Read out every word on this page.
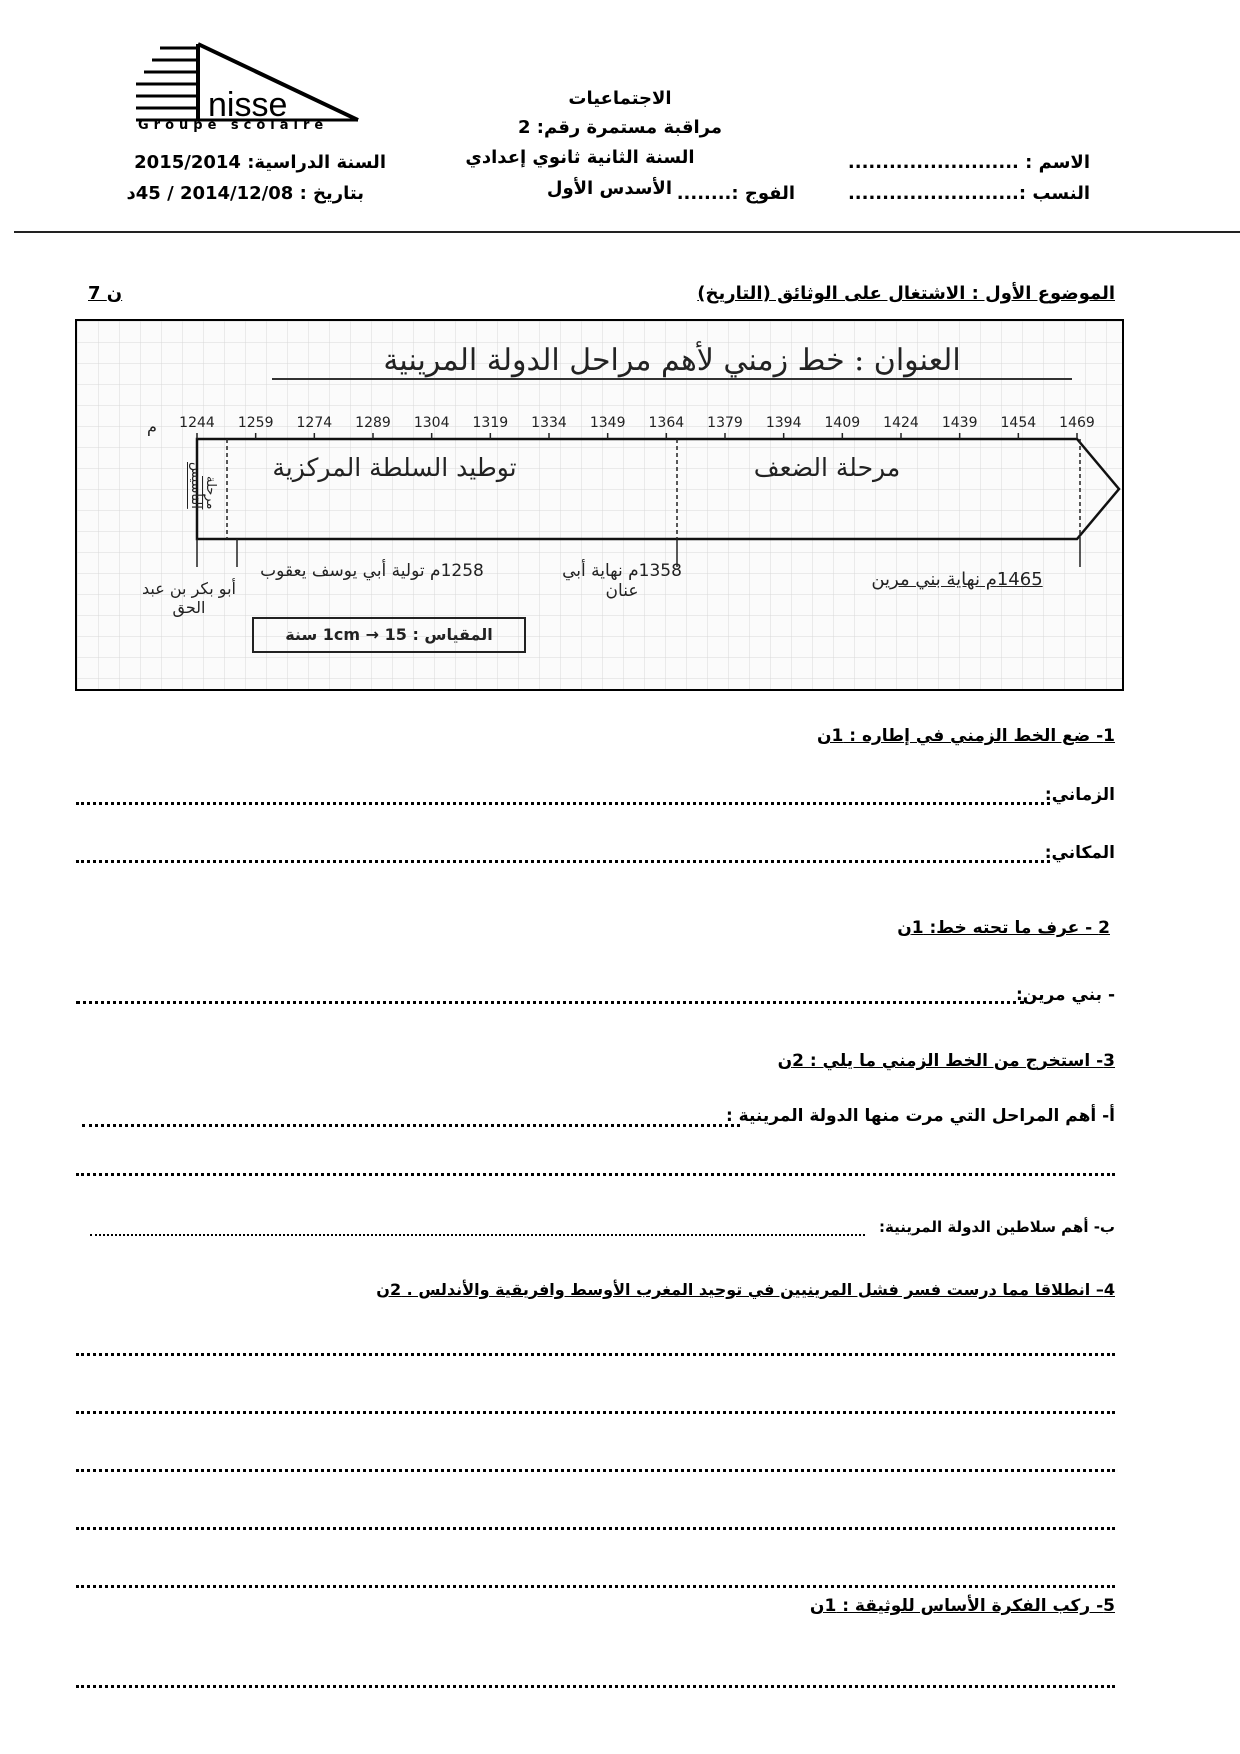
nisse
Groupe scolaire
الاجتماعيات
مراقبة مستمرة رقم: 2
السنة الثانية ثانوي إعدادي
الأسدس الأول
السنة الدراسية: 2015/2014
بتاريخ : 2014/12/08 / 45د
الاسم : .........................
النسب :.........................
الفوج :........
الموضوع الأول : الاشتغال على الوثائق (التاريخ)
7 ن
1244 1259 1274 1289 1304 1319 1334 1349 1364 1379 1394 1409 1424 1439 1454 1469
العنوان : خط زمني لأهم مراحل الدولة المرينية
م
مرحلة التأسيس	توطيد السلطة المركزية	مرحلة الضعف
أبو بكر بن عبد الحق
1258م تولية أبي يوسف يعقوب	1358م نهاية أبي عنان
1465م نهاية بني مرين
المقياس : 1cm → 15 سنة
1- ضع الخط الزمني في إطاره : 1ن
الزماني:
المكاني:
2 - عرف ما تحته خط: 1ن
- بني مرين:
3- استخرج من الخط الزمني ما يلي : 2ن
أ- أهم المراحل التي مرت منها الدولة المرينية :
ب- أهم سلاطين الدولة المرينية:
4– انطلاقا مما درست فسر فشل المرينيين في توحيد المغرب الأوسط وافريقية والأندلس . 2ن
5- ركب الفكرة الأساس للوثيقة : 1ن
